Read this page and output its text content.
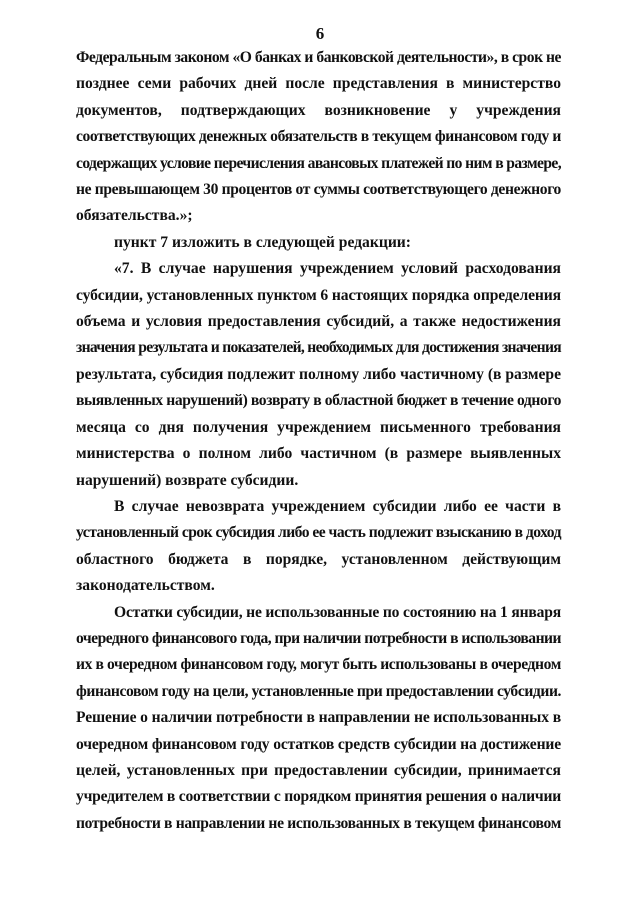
6
Федеральным законом «О банках и банковской деятельности», в срок не
позднее семи рабочих дней после представления в министерство
документов, подтверждающих возникновение у учреждения
соответствующих денежных обязательств в текущем финансовом году и
содержащих условие перечисления авансовых платежей по ним в размере,
не превышающем 30 процентов от суммы соответствующего денежного
обязательства.»;
пункт 7 изложить в следующей редакции:
«7. В случае нарушения учреждением условий расходования
субсидии, установленных пунктом 6 настоящих порядка определения
объема и условия предоставления субсидий, а также недостижения
значения результата и показателей, необходимых для достижения значения
результата, субсидия подлежит полному либо частичному (в размере
выявленных нарушений) возврату в областной бюджет в течение одного
месяца со дня получения учреждением письменного требования
министерства о полном либо частичном (в размере выявленных
нарушений) возврате субсидии.
В случае невозврата учреждением субсидии либо ее части в
установленный срок субсидия либо ее часть подлежит взысканию в доход
областного бюджета в порядке, установленном действующим
законодательством.
Остатки субсидии, не использованные по состоянию на 1 января
очередного финансового года, при наличии потребности в использовании
их в очередном финансовом году, могут быть использованы в очередном
финансовом году на цели, установленные при предоставлении субсидии.
Решение о наличии потребности в направлении не использованных в
очередном финансовом году остатков средств субсидии на достижение
целей, установленных при предоставлении субсидии, принимается
учредителем в соответствии с порядком принятия решения о наличии
потребности в направлении не использованных в текущем финансовом
